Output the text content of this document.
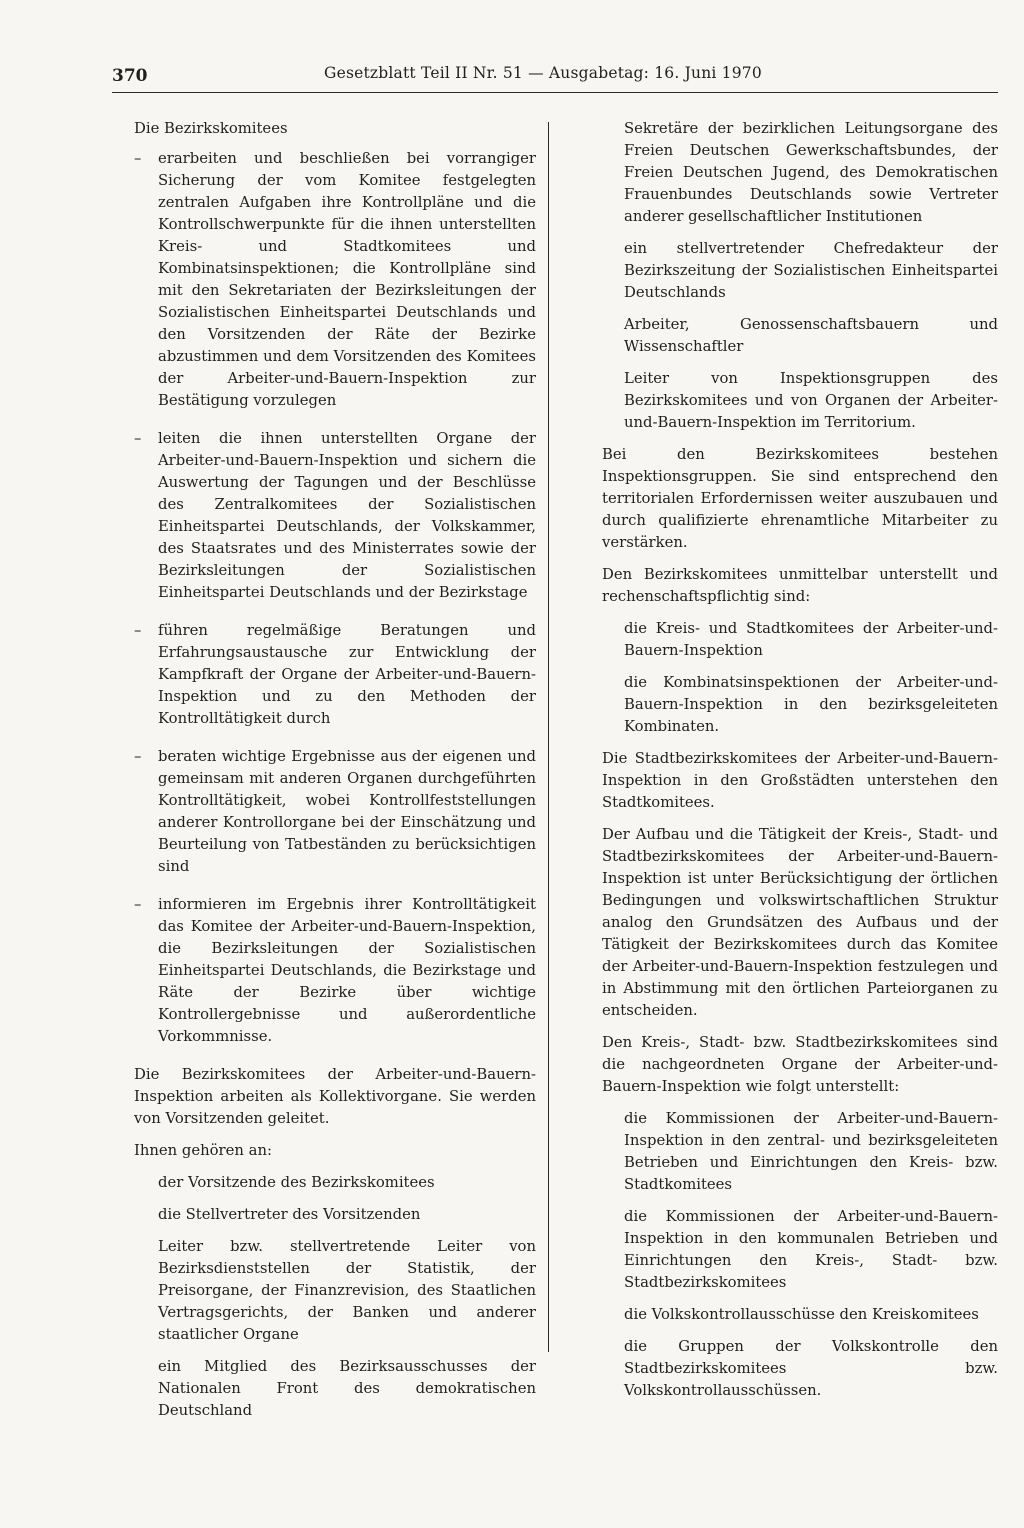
370	Gesetzblatt Teil II Nr. 51 — Ausgabetag: 16. Juni 1970

Die Bezirkskomitees

– erarbeiten und beschließen bei vorrangiger Sicherung der vom Komitee festgelegten zentralen Aufgaben ihre Kontrollpläne und die Kontrollschwerpunkte für die ihnen unterstellten Kreis- und Stadtkomitees und Kombinatsinspektionen; die Kontrollpläne sind mit den Sekretariaten der Bezirksleitungen der Sozialistischen Einheitspartei Deutschlands und den Vorsitzenden der Räte der Bezirke abzustimmen und dem Vorsitzenden des Komitees der Arbeiter-und-Bauern-Inspektion zur Bestätigung vorzulegen
– leiten die ihnen unterstellten Organe der Arbeiter-und-Bauern-Inspektion und sichern die Auswertung der Tagungen und der Beschlüsse des Zentralkomitees der Sozialistischen Einheitspartei Deutschlands, der Volkskammer, des Staatsrates und des Ministerrates sowie der Bezirksleitungen der Sozialistischen Einheitspartei Deutschlands und der Bezirkstage
– führen regelmäßige Beratungen und Erfahrungsaustausche zur Entwicklung der Kampfkraft der Organe der Arbeiter-und-Bauern-Inspektion und zu den Methoden der Kontrolltätigkeit durch
– beraten wichtige Ergebnisse aus der eigenen und gemeinsam mit anderen Organen durchgeführten Kontrolltätigkeit, wobei Kontrollfeststellungen anderer Kontrollorgane bei der Einschätzung und Beurteilung von Tatbeständen zu berücksichtigen sind
– informieren im Ergebnis ihrer Kontrolltätigkeit das Komitee der Arbeiter-und-Bauern-Inspektion, die Bezirksleitungen der Sozialistischen Einheitspartei Deutschlands, die Bezirkstage und Räte der Bezirke über wichtige Kontrollergebnisse und außerordentliche Vorkommnisse.

Die Bezirkskomitees der Arbeiter-und-Bauern-Inspektion arbeiten als Kollektivorgane. Sie werden von Vorsitzenden geleitet.

Ihnen gehören an:

der Vorsitzende des Bezirkskomitees
die Stellvertreter des Vorsitzenden
Leiter bzw. stellvertretende Leiter von Bezirksdienststellen der Statistik, der Preisorgane, der Finanzrevision, des Staatlichen Vertragsgerichts, der Banken und anderer staatlicher Organe
ein Mitglied des Bezirksausschusses der Nationalen Front des demokratischen Deutschland
Sekretäre der bezirklichen Leitungsorgane des Freien Deutschen Gewerkschaftsbundes, der Freien Deutschen Jugend, des Demokratischen Frauenbundes Deutschlands sowie Vertreter anderer gesellschaftlicher Institutionen
ein stellvertretender Chefredakteur der Bezirkszeitung der Sozialistischen Einheitspartei Deutschlands
Arbeiter, Genossenschaftsbauern und Wissenschaftler
Leiter von Inspektionsgruppen des Bezirkskomitees und von Organen der Arbeiter-und-Bauern-Inspektion im Territorium.

Bei den Bezirkskomitees bestehen Inspektionsgruppen. Sie sind entsprechend den territorialen Erfordernissen weiter auszubauen und durch qualifizierte ehrenamtliche Mitarbeiter zu verstärken.

Den Bezirkskomitees unmittelbar unterstellt und rechenschaftspflichtig sind:

die Kreis- und Stadtkomitees der Arbeiter-und-Bauern-Inspektion
die Kombinatsinspektionen der Arbeiter-und-Bauern-Inspektion in den bezirksgeleiteten Kombinaten.

Die Stadtbezirkskomitees der Arbeiter-und-Bauern-Inspektion in den Großstädten unterstehen den Stadtkomitees.

Der Aufbau und die Tätigkeit der Kreis-, Stadt- und Stadtbezirkskomitees der Arbeiter-und-Bauern-Inspektion ist unter Berücksichtigung der örtlichen Bedingungen und volkswirtschaftlichen Struktur analog den Grundsätzen des Aufbaus und der Tätigkeit der Bezirkskomitees durch das Komitee der Arbeiter-und-Bauern-Inspektion festzulegen und in Abstimmung mit den örtlichen Parteiorganen zu entscheiden.

Den Kreis-, Stadt- bzw. Stadtbezirkskomitees sind die nachgeordneten Organe der Arbeiter-und-Bauern-Inspektion wie folgt unterstellt:

die Kommissionen der Arbeiter-und-Bauern-Inspektion in den zentral- und bezirksgeleiteten Betrieben und Einrichtungen den Kreis- bzw. Stadtkomitees
die Kommissionen der Arbeiter-und-Bauern-Inspektion in den kommunalen Betrieben und Einrichtungen den Kreis-, Stadt- bzw. Stadtbezirkskomitees
die Volkskontrollausschüsse den Kreiskomitees
die Gruppen der Volkskontrolle den Stadtbezirkskomitees bzw. Volkskontrollausschüssen.
